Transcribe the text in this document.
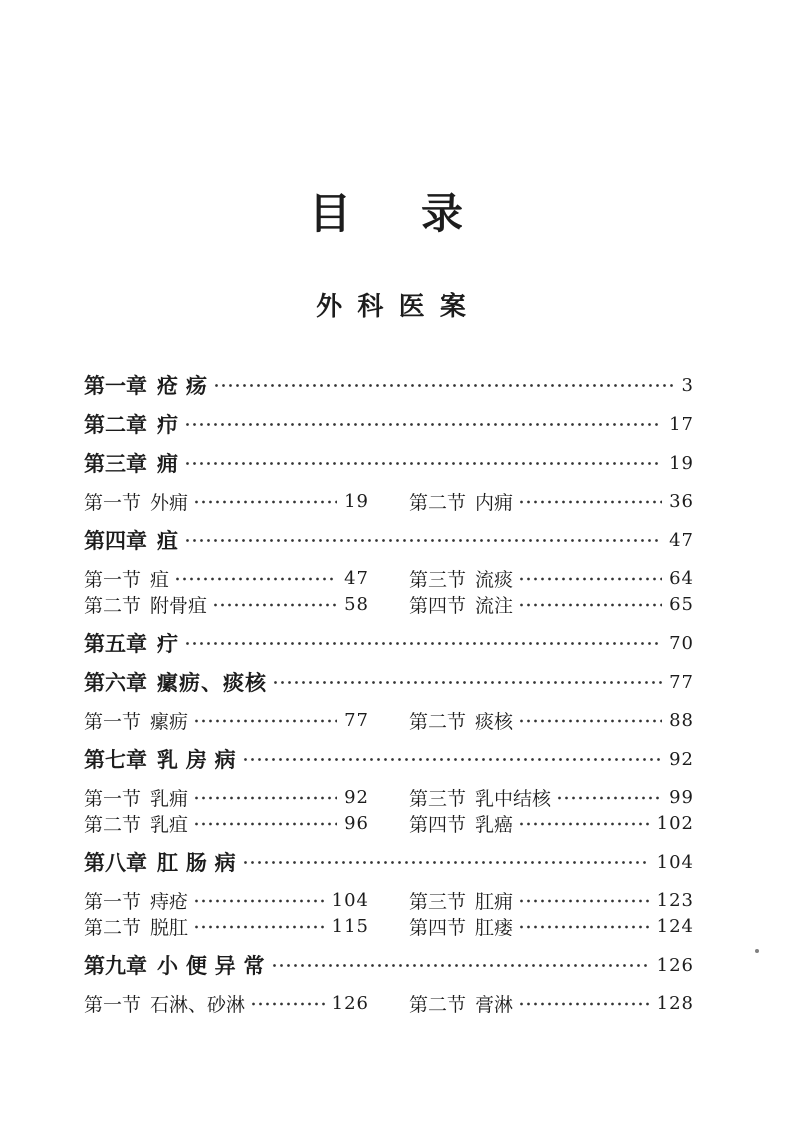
目　录
外 科 医 案
第一章 疮 疡	3
第二章 疖	17
第三章 痈	19
第一节 外痈	19 第二节 内痈	36
第四章 疽	47
第一节 疽	47 第三节 流痰	64
第二节 附骨疽	58 第四节 流注	65
第五章 疔	70
第六章 瘰疬、痰核	77
第一节 瘰疬	77 第二节 痰核	88
第七章 乳 房 病	92
第一节 乳痈	92 第三节 乳中结核	99
第二节 乳疽	96 第四节 乳癌	102
第八章 肛 肠 病	104
第一节 痔疮	104 第三节 肛痈	123
第二节 脱肛	115 第四节 肛瘘	124
第九章 小 便 异 常	126
第一节 石淋、砂淋	126 第二节 膏淋	128
